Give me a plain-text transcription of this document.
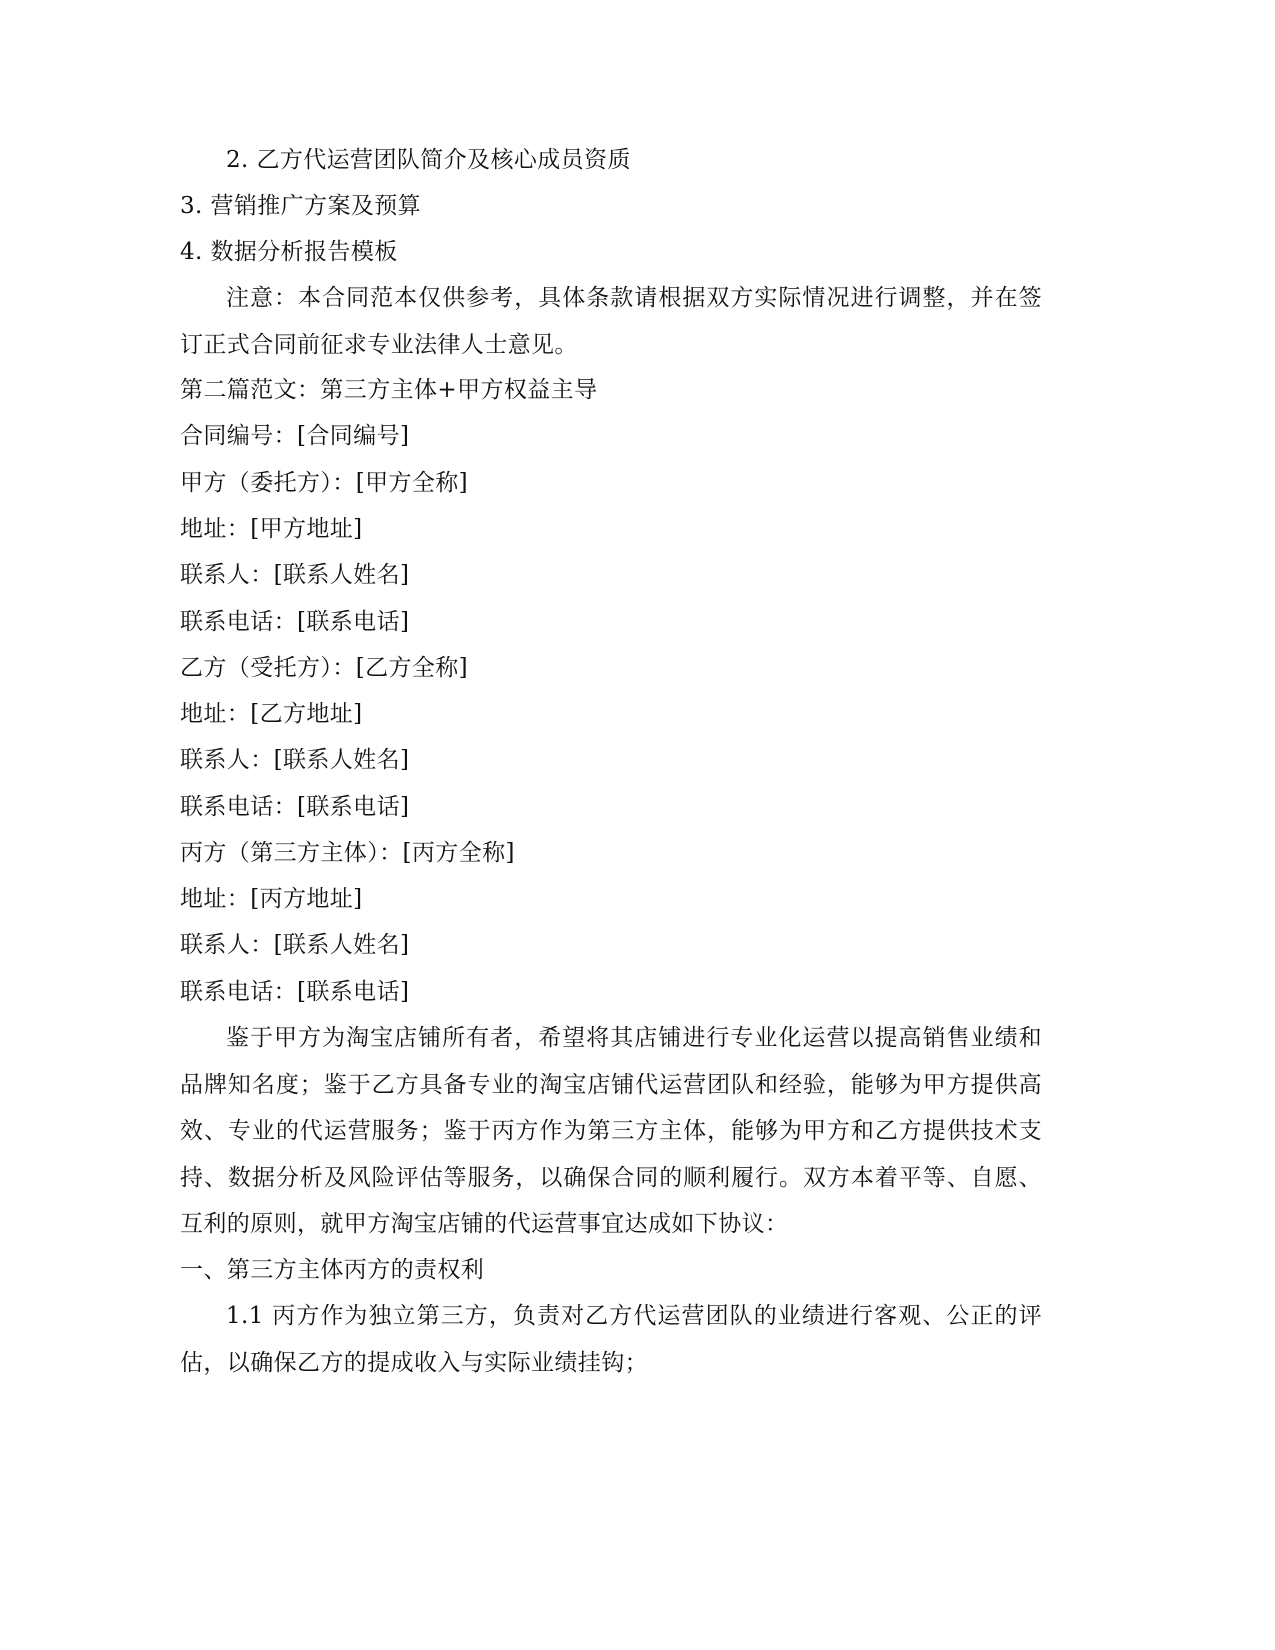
2. 乙方代运营团队简介及核心成员资质
3. 营销推广方案及预算
4. 数据分析报告模板
注意：本合同范本仅供参考，具体条款请根据双方实际情况进行调整，并在签订正式合同前征求专业法律人士意见。
第二篇范文：第三方主体+甲方权益主导
合同编号：[合同编号]
甲方（委托方）：[甲方全称]
地址：[甲方地址]
联系人：[联系人姓名]
联系电话：[联系电话]
乙方（受托方）：[乙方全称]
地址：[乙方地址]
联系人：[联系人姓名]
联系电话：[联系电话]
丙方（第三方主体）：[丙方全称]
地址：[丙方地址]
联系人：[联系人姓名]
联系电话：[联系电话]
鉴于甲方为淘宝店铺所有者，希望将其店铺进行专业化运营以提高销售业绩和品牌知名度；鉴于乙方具备专业的淘宝店铺代运营团队和经验，能够为甲方提供高效、专业的代运营服务；鉴于丙方作为第三方主体，能够为甲方和乙方提供技术支持、数据分析及风险评估等服务，以确保合同的顺利履行。双方本着平等、自愿、互利的原则，就甲方淘宝店铺的代运营事宜达成如下协议：
一、第三方主体丙方的责权利
1.1 丙方作为独立第三方，负责对乙方代运营团队的业绩进行客观、公正的评估，以确保乙方的提成收入与实际业绩挂钩；
